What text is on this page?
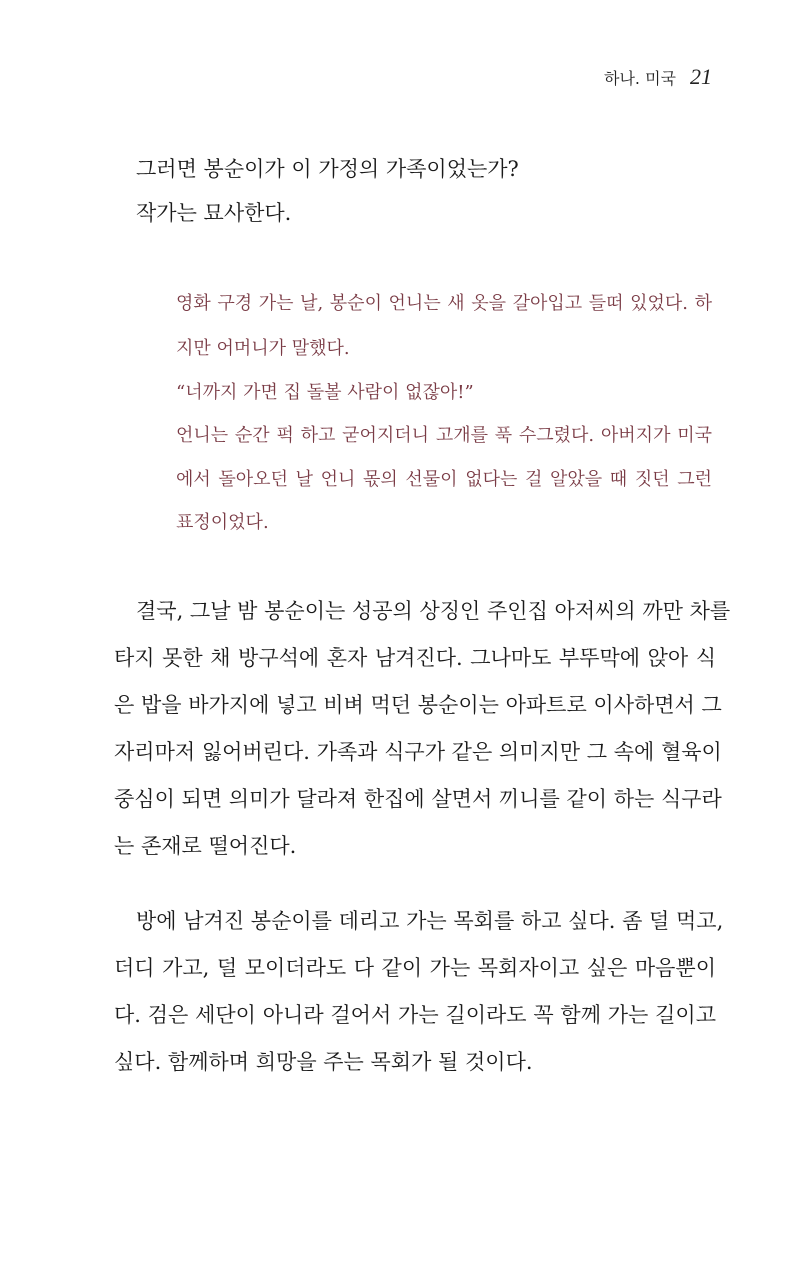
하나. 미국 21
그러면 봉순이가 이 가정의 가족이었는가?
작가는 묘사한다.
영화 구경 가는 날, 봉순이 언니는 새 옷을 갈아입고 들떠 있었다. 하
지만 어머니가 말했다.
“너까지 가면 집 돌볼 사람이 없잖아!”
언니는 순간 퍽 하고 굳어지더니 고개를 푹 수그렸다. 아버지가 미국
에서 돌아오던 날 언니 몫의 선물이 없다는 걸 알았을 때 짓던 그런
표정이었다.
결국, 그날 밤 봉순이는 성공의 상징인 주인집 아저씨의 까만 차를
타지 못한 채 방구석에 혼자 남겨진다. 그나마도 부뚜막에 앉아 식
은 밥을 바가지에 넣고 비벼 먹던 봉순이는 아파트로 이사하면서 그
자리마저 잃어버린다. 가족과 식구가 같은 의미지만 그 속에 혈육이
중심이 되면 의미가 달라져 한집에 살면서 끼니를 같이 하는 식구라
는 존재로 떨어진다.
방에 남겨진 봉순이를 데리고 가는 목회를 하고 싶다. 좀 덜 먹고,
더디 가고, 덜 모이더라도 다 같이 가는 목회자이고 싶은 마음뿐이
다. 검은 세단이 아니라 걸어서 가는 길이라도 꼭 함께 가는 길이고
싶다. 함께하며 희망을 주는 목회가 될 것이다.
